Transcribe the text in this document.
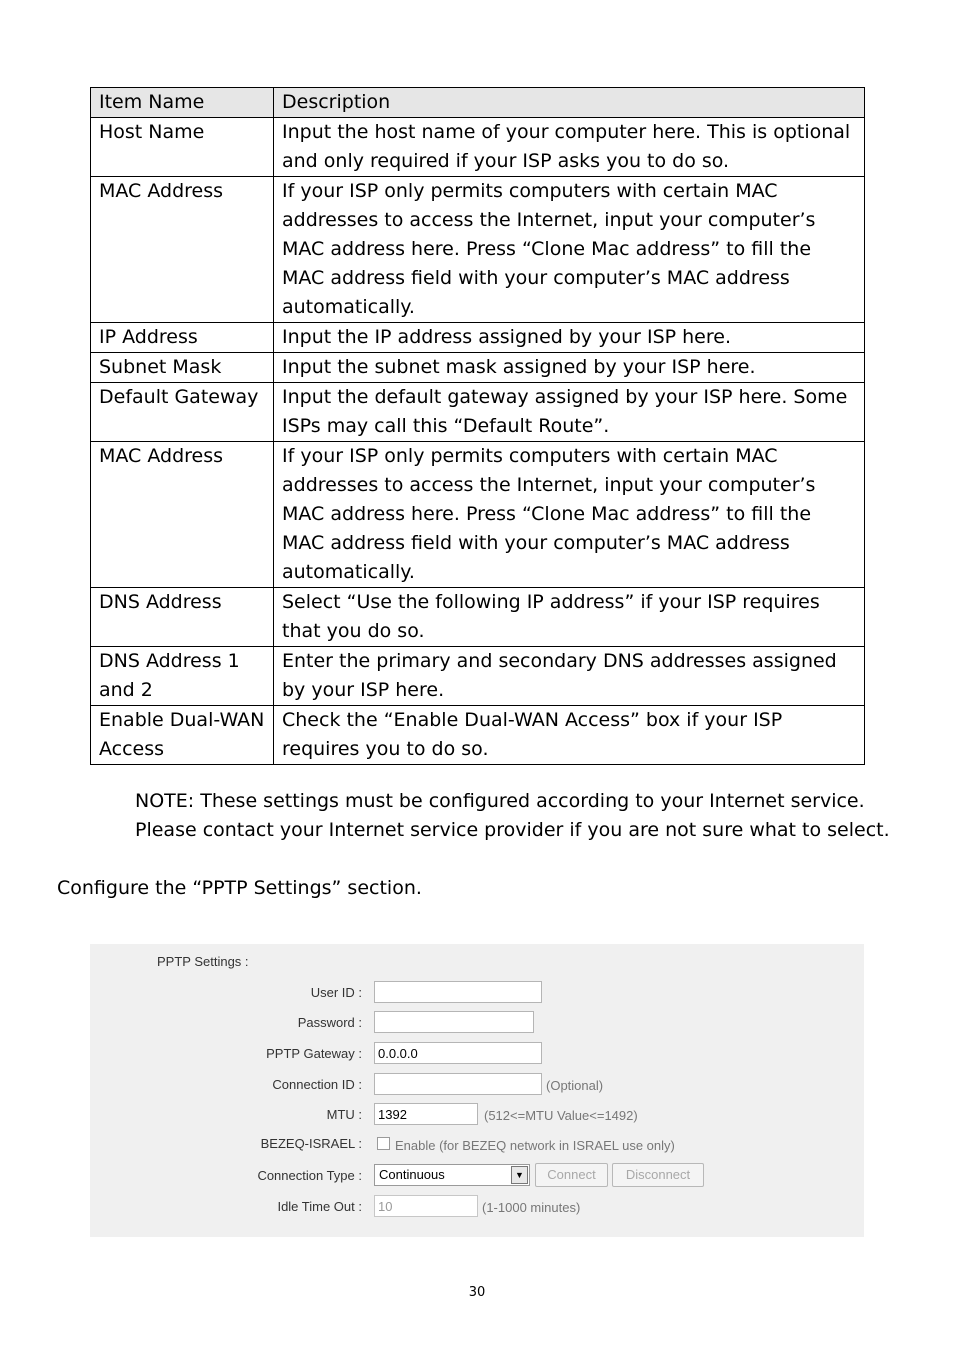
Item Name	Description
Host Name	Input the host name of your computer here. This is optional and only required if your ISP asks you to do so.
MAC Address	If your ISP only permits computers with certain MAC addresses to access the Internet, input your computer’s MAC address here. Press “Clone Mac address” to fill the MAC address field with your computer’s MAC address automatically.
IP Address	Input the IP address assigned by your ISP here.
Subnet Mask	Input the subnet mask assigned by your ISP here.
Default Gateway	Input the default gateway assigned by your ISP here. Some ISPs may call this “Default Route”.
MAC Address	If your ISP only permits computers with certain MAC addresses to access the Internet, input your computer’s MAC address here. Press “Clone Mac address” to fill the MAC address field with your computer’s MAC address automatically.
DNS Address	Select “Use the following IP address” if your ISP requires that you do so.
DNS Address 1 and 2	Enter the primary and secondary DNS addresses assigned by your ISP here.
Enable Dual-WAN Access	Check the “Enable Dual-WAN Access” box if your ISP requires you to do so.

NOTE: These settings must be configured according to your Internet service. Please contact your Internet service provider if you are not sure what to select.

Configure the “PPTP Settings” section.

PPTP Settings :
User ID :
Password :
PPTP Gateway :
0.0.0.0
Connection ID :	(Optional)
MTU :
1392	(512<=MTU Value<=1492)
BEZEQ-ISRAEL :	Enable (for BEZEQ network in ISRAEL use only)
Connection Type : Continuous	▼	Connect	Disconnect
Idle Time Out :
10	(1-1000 minutes)
30
